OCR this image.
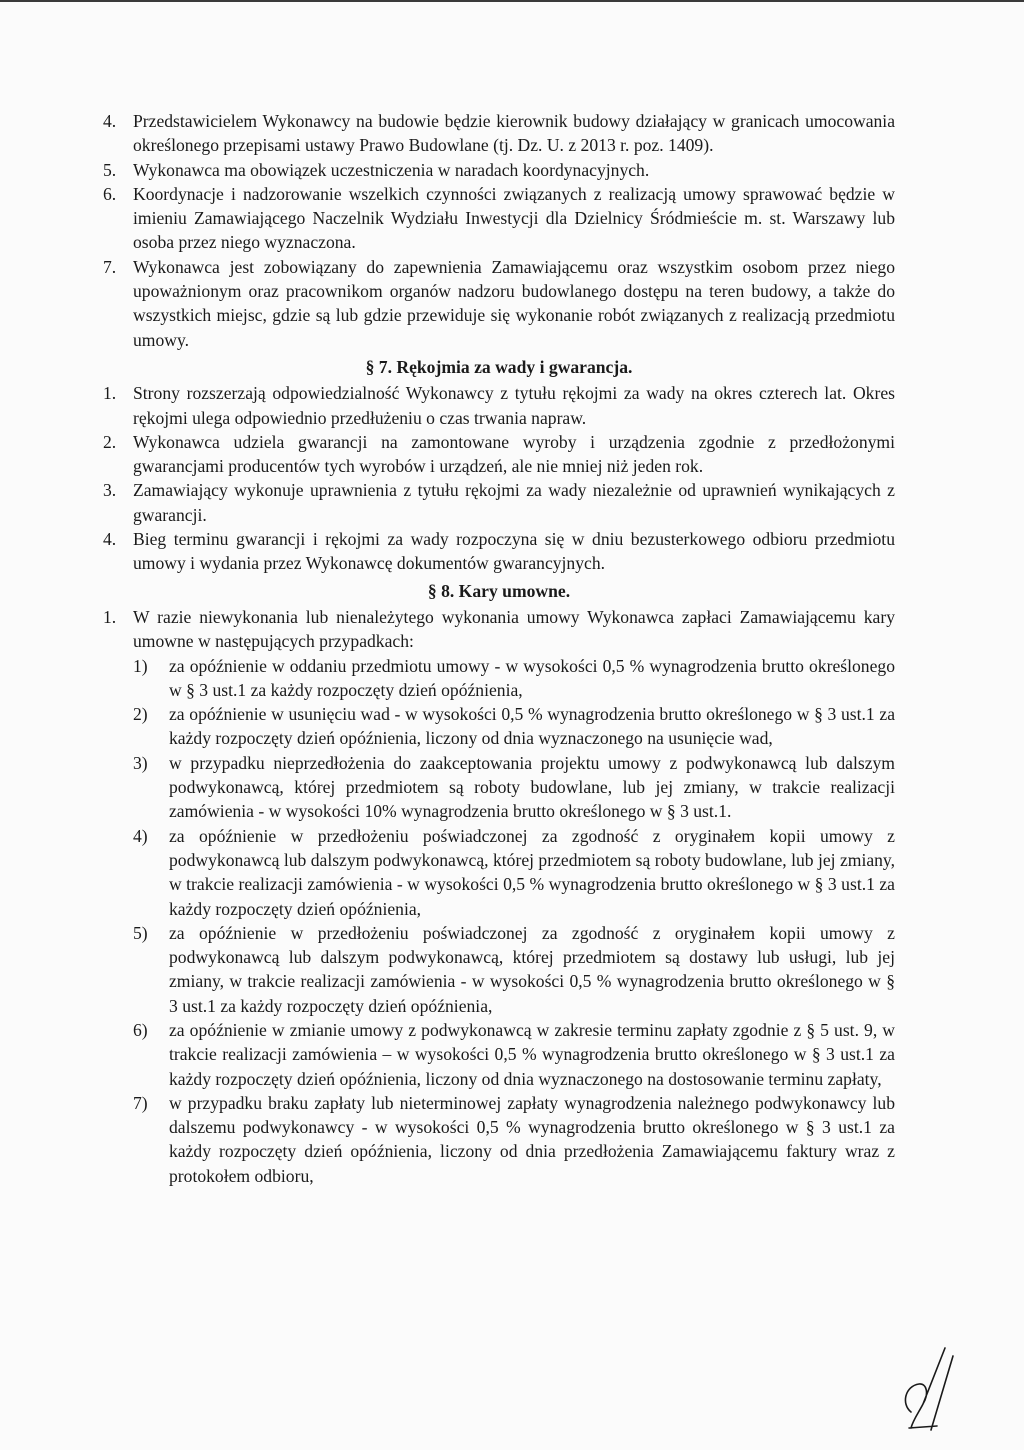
4. Przedstawicielem Wykonawcy na budowie będzie kierownik budowy działający w granicach umocowania określonego przepisami ustawy Prawo Budowlane (tj. Dz. U. z 2013 r. poz. 1409).
5. Wykonawca ma obowiązek uczestniczenia w naradach koordynacyjnych.
6. Koordynacje i nadzorowanie wszelkich czynności związanych z realizacją umowy sprawować będzie w imieniu Zamawiającego Naczelnik Wydziału Inwestycji dla Dzielnicy Śródmieście m. st. Warszawy lub osoba przez niego wyznaczona.
7. Wykonawca jest zobowiązany do zapewnienia Zamawiającemu oraz wszystkim osobom przez niego upoważnionym oraz pracownikom organów nadzoru budowlanego dostępu na teren budowy, a także do wszystkich miejsc, gdzie są lub gdzie przewiduje się wykonanie robót związanych z realizacją przedmiotu umowy.
§ 7. Rękojmia za wady i gwarancja.
1. Strony rozszerzają odpowiedzialność Wykonawcy z tytułu rękojmi za wady na okres czterech lat. Okres rękojmi ulega odpowiednio przedłużeniu o czas trwania napraw.
2. Wykonawca udziela gwarancji na zamontowane wyroby i urządzenia zgodnie z przedłożonymi gwarancjami producentów tych wyrobów i urządzeń, ale nie mniej niż jeden rok.
3. Zamawiający wykonuje uprawnienia z tytułu rękojmi za wady niezależnie od uprawnień wynikających z gwarancji.
4. Bieg terminu gwarancji i rękojmi za wady rozpoczyna się w dniu bezusterkowego odbioru przedmiotu umowy i wydania przez Wykonawcę dokumentów gwarancyjnych.
§ 8. Kary umowne.
1. W razie niewykonania lub nienależytego wykonania umowy Wykonawca zapłaci Zamawiającemu kary umowne w następujących przypadkach:
1) za opóźnienie w oddaniu przedmiotu umowy - w wysokości 0,5 % wynagrodzenia brutto określonego w § 3 ust.1 za każdy rozpoczęty dzień opóźnienia,
2) za opóźnienie w usunięciu wad - w wysokości 0,5 % wynagrodzenia brutto określonego w § 3 ust.1 za każdy rozpoczęty dzień opóźnienia, liczony od dnia wyznaczonego na usunięcie wad,
3) w przypadku nieprzedłożenia do zaakceptowania projektu umowy z podwykonawcą lub dalszym podwykonawcą, której przedmiotem są roboty budowlane, lub jej zmiany, w trakcie realizacji zamówienia - w wysokości 10% wynagrodzenia brutto określonego w § 3 ust.1.
4) za opóźnienie w przedłożeniu poświadczonej za zgodność z oryginałem kopii umowy z podwykonawcą lub dalszym podwykonawcą, której przedmiotem są roboty budowlane, lub jej zmiany, w trakcie realizacji zamówienia - w wysokości 0,5 % wynagrodzenia brutto określonego w § 3 ust.1 za każdy rozpoczęty dzień opóźnienia,
5) za opóźnienie w przedłożeniu poświadczonej za zgodność z oryginałem kopii umowy z podwykonawcą lub dalszym podwykonawcą, której przedmiotem są dostawy lub usługi, lub jej zmiany, w trakcie realizacji zamówienia - w wysokości 0,5 % wynagrodzenia brutto określonego w § 3 ust.1 za każdy rozpoczęty dzień opóźnienia,
6) za opóźnienie w zmianie umowy z podwykonawcą w zakresie terminu zapłaty zgodnie z § 5 ust. 9, w trakcie realizacji zamówienia – w wysokości 0,5 % wynagrodzenia brutto określonego w § 3 ust.1 za każdy rozpoczęty dzień opóźnienia, liczony od dnia wyznaczonego na dostosowanie terminu zapłaty,
7) w przypadku braku zapłaty lub nieterminowej zapłaty wynagrodzenia należnego podwykonawcy lub dalszemu podwykonawcy - w wysokości 0,5 % wynagrodzenia brutto określonego w § 3 ust.1 za każdy rozpoczęty dzień opóźnienia, liczony od dnia przedłożenia Zamawiającemu faktury wraz z protokołem odbioru,
